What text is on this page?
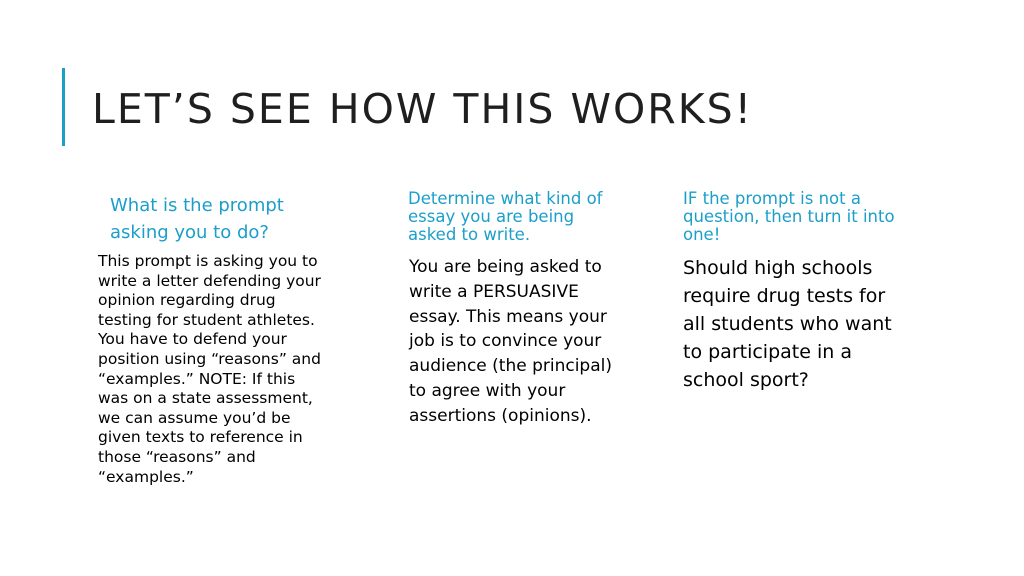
LET’S SEE HOW THIS WORKS!

What is the prompt asking you to do?

This prompt is asking you to write a letter defending your opinion regarding drug testing for student athletes. You have to defend your position using “reasons” and “examples.” NOTE: If this was on a state assessment, we can assume you’d be given texts to reference in those “reasons” and “examples.”

Determine what kind of essay you are being asked to write.

You are being asked to write a PERSUASIVE essay. This means your job is to convince your audience (the principal) to agree with your assertions (opinions).

IF the prompt is not a question, then turn it into one!

Should high schools require drug tests for all students who want to participate in a school sport?
